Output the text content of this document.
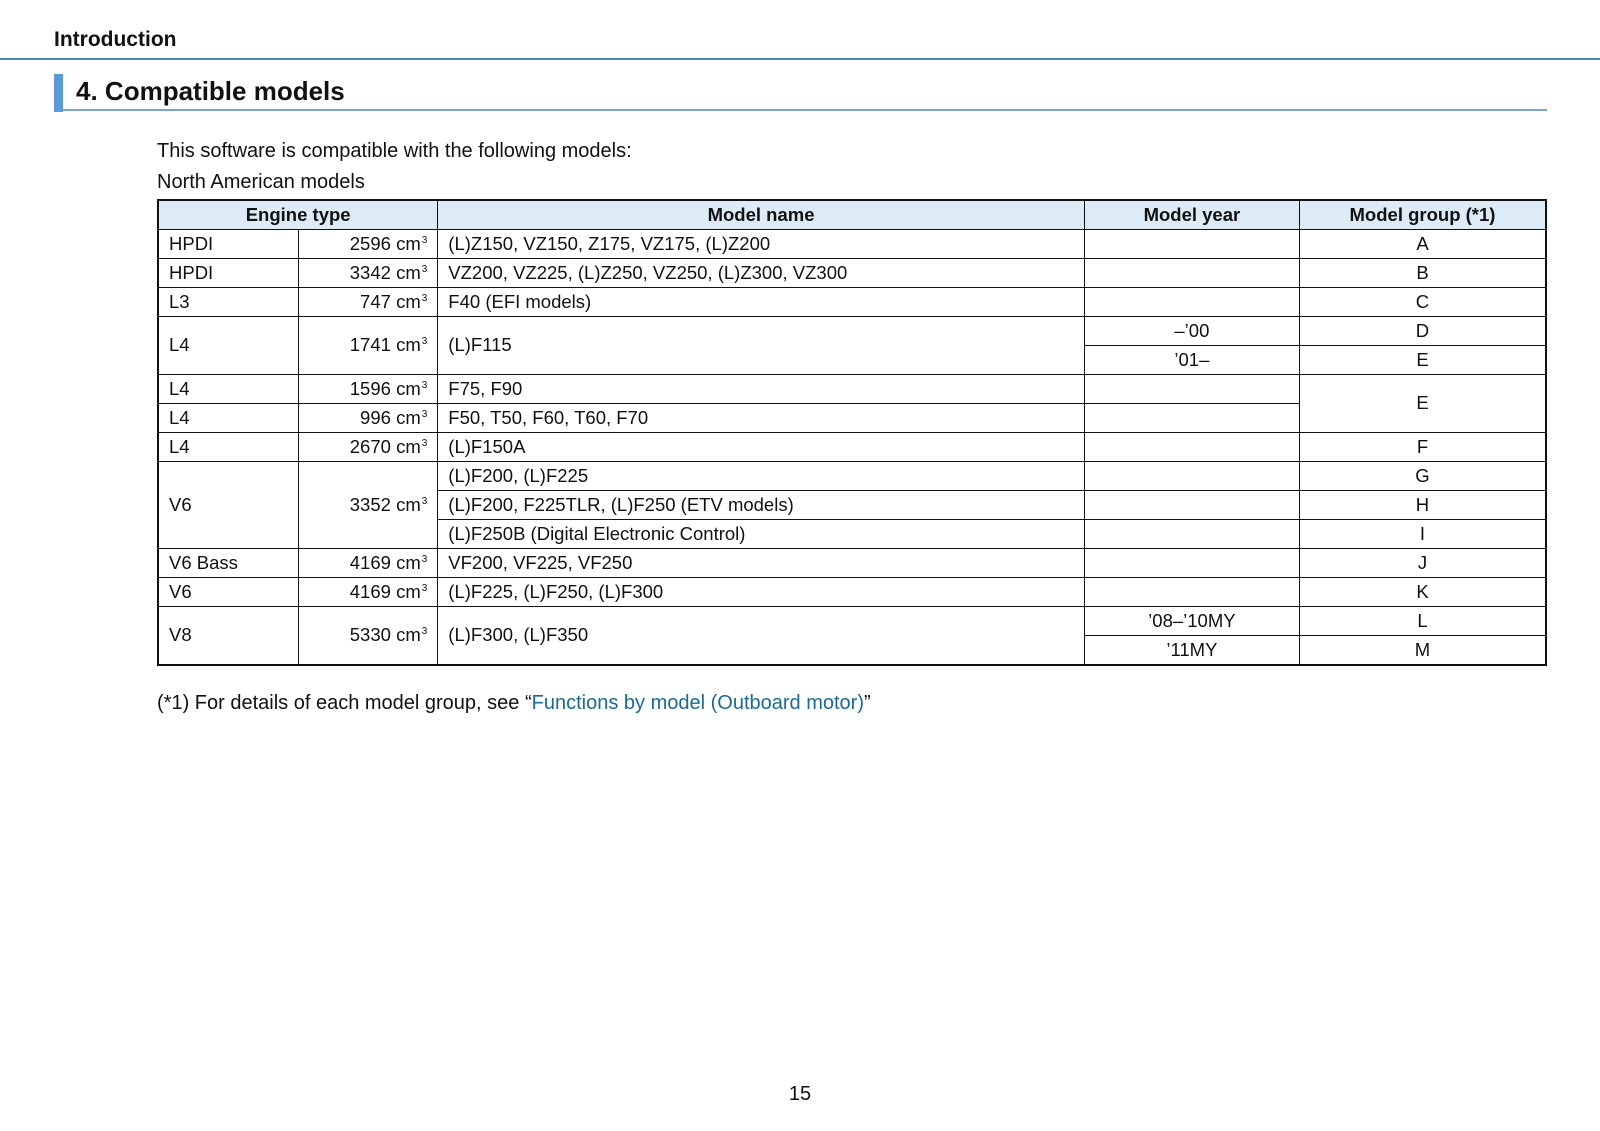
Introduction
4. Compatible models
This software is compatible with the following models:
North American models
Engine type		Model name	Model year	Model group (*1)
HPDI	2596 $cm^3$	(L)Z150, VZ150, Z175, VZ175, (L)Z200		A
HPDI	3342 $cm^3$	VZ200, VZ225, (L)Z250, VZ250, (L)Z300, VZ300		B
L3	747 $cm^3$	F40 (EFI models)		C
L4	1741 $cm^3$	(L)F115	–’00	D
			’01–	E
L4	1596 $cm^3$	F75, F90		E
L4	996 $cm^3$	F50, T50, F60, T60, F70		
L4	2670 $cm^3$	(L)F150A		F
V6	3352 $cm^3$	(L)F200, (L)F225		G
		(L)F200, F225TLR, (L)F250 (ETV models)		H
		(L)F250B (Digital Electronic Control)		I
V6 Bass	4169 $cm^3$	VF200, VF225, VF250		J
V6	4169 $cm^3$	(L)F225, (L)F250, (L)F300		K
V8	5330 $cm^3$	(L)F300, (L)F350	’08–’10MY	L
			’11MY	M
(*1) For details of each model group, see “Functions by model (Outboard motor)”
15
